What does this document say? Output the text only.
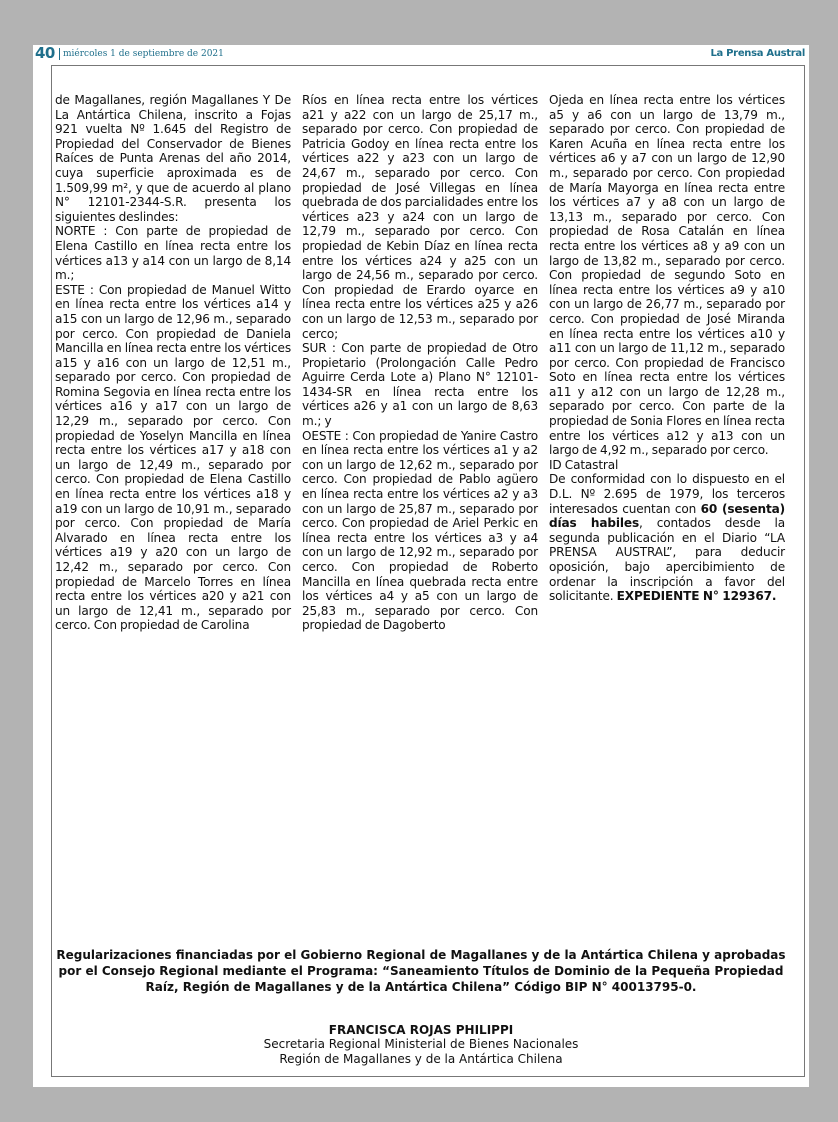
40 miércoles 1 de septiembre de 2021	La Prensa Austral

de Magallanes, región Magallanes Y De La Antártica Chilena, inscrito a Fojas 921 vuelta Nº 1.645 del Registro de Propiedad del Conservador de Bienes Raíces de Punta Arenas del año 2014, cuya superficie aproximada es de 1.509,99 m², y que de acuerdo al plano N° 12101-2344-S.R. presenta los siguientes deslindes:

NORTE : Con parte de propiedad de Elena Castillo en línea recta entre los vértices a13 y a14 con un largo de 8,14 m.;

ESTE : Con propiedad de Manuel Witto en línea recta entre los vértices a14 y a15 con un largo de 12,96 m., separado por cerco. Con propiedad de Daniela Mancilla en línea recta entre los vértices a15 y a16 con un largo de 12,51 m., separado por cerco. Con propiedad de Romina Segovia en línea recta entre los vértices a16 y a17 con un largo de 12,29 m., separado por cerco. Con propiedad de Yoselyn Mancilla en línea recta entre los vértices a17 y a18 con un largo de 12,49 m., separado por cerco. Con propiedad de Elena Castillo en línea recta entre los vértices a18 y a19 con un largo de 10,91 m., separado por cerco. Con propiedad de María Alvarado en línea recta entre los vértices a19 y a20 con un largo de 12,42 m., separado por cerco. Con propiedad de Marcelo Torres en línea recta entre los vértices a20 y a21 con un largo de 12,41 m., separado por cerco. Con propiedad de Carolina

Ríos en línea recta entre los vértices a21 y a22 con un largo de 25,17 m., separado por cerco. Con propiedad de Patricia Godoy en línea recta entre los vértices a22 y a23 con un largo de 24,67 m., separado por cerco. Con propiedad de José Villegas en línea quebrada de dos parcialidades entre los vértices a23 y a24 con un largo de 12,79 m., separado por cerco. Con propiedad de Kebin Díaz en línea recta entre los vértices a24 y a25 con un largo de 24,56 m., separado por cerco. Con propiedad de Erardo oyarce en línea recta entre los vértices a25 y a26 con un largo de 12,53 m., separado por cerco;

SUR : Con parte de propiedad de Otro Propietario (Prolongación Calle Pedro Aguirre Cerda Lote a) Plano N° 12101-1434-SR en línea recta entre los vértices a26 y a1 con un largo de 8,63 m.; y

OESTE : Con propiedad de Yanire Castro en línea recta entre los vértices a1 y a2 con un largo de 12,62 m., separado por cerco. Con propiedad de Pablo agüero en línea recta entre los vértices a2 y a3 con un largo de 25,87 m., separado por cerco. Con propiedad de Ariel Perkic en línea recta entre los vértices a3 y a4 con un largo de 12,92 m., separado por cerco. Con propiedad de Roberto Mancilla en línea quebrada recta entre los vértices a4 y a5 con un largo de 25,83 m., separado por cerco. Con propiedad de Dagoberto

Ojeda en línea recta entre los vértices a5 y a6 con un largo de 13,79 m., separado por cerco. Con propiedad de Karen Acuña en línea recta entre los vértices a6 y a7 con un largo de 12,90 m., separado por cerco. Con propiedad de María Mayorga en línea recta entre los vértices a7 y a8 con un largo de 13,13 m., separado por cerco. Con propiedad de Rosa Catalán en línea recta entre los vértices a8 y a9 con un largo de 13,82 m., separado por cerco. Con propiedad de segundo Soto en línea recta entre los vértices a9 y a10 con un largo de 26,77 m., separado por cerco. Con propiedad de José Miranda en línea recta entre los vértices a10 y a11 con un largo de 11,12 m., separado por cerco. Con propiedad de Francisco Soto en línea recta entre los vértices a11 y a12 con un largo de 12,28 m., separado por cerco. Con parte de la propiedad de Sonia Flores en línea recta entre los vértices a12 y a13 con un largo de 4,92 m., separado por cerco.

ID Catastral

De conformidad con lo dispuesto en el D.L. Nº 2.695 de 1979, los terceros interesados cuentan con 60 (sesenta) días habiles, contados desde la segunda publicación en el Diario “LA PRENSA AUSTRAL”, para deducir oposición, bajo apercibimiento de ordenar la inscripción a favor del solicitante. EXPEDIENTE N° 129367.

Regularizaciones financiadas por el Gobierno Regional de Magallanes y de la Antártica Chilena y aprobadas por el Consejo Regional mediante el Programa: “Saneamiento Títulos de Dominio de la Pequeña Propiedad Raíz, Región de Magallanes y de la Antártica Chilena” Código BIP N° 40013795-0.
FRANCISCA ROJAS PHILIPPI
Secretaria Regional Ministerial de Bienes Nacionales
Región de Magallanes y de la Antártica Chilena
